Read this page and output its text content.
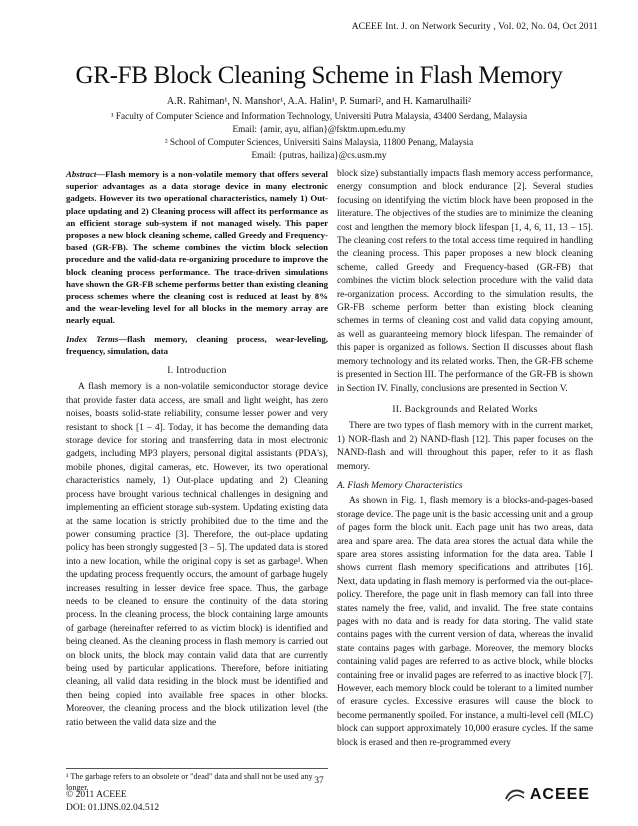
ACEEE Int. J. on Network Security , Vol. 02, No. 04, Oct 2011
GR-FB Block Cleaning Scheme in Flash Memory
A.R. Rahiman¹, N. Manshor¹, A.A. Halin¹, P. Sumari², and H. Kamarulhaili²
¹ Faculty of Computer Science and Information Technology, Universiti Putra Malaysia, 43400 Serdang, Malaysia
Email: {amir, ayu, alfian}@fsktm.upm.edu.my
² School of Computer Sciences, Universiti Sains Malaysia, 11800 Penang, Malaysia
Email: {putras, hailiza}@cs.usm.my
Abstract—Flash memory is a non-volatile memory that offers several superior advantages as a data storage device in many electronic gadgets. However its two operational characteristics, namely 1) Out-place updating and 2) Cleaning process will affect its performance as an efficient storage sub-system if not managed wisely. This paper proposes a new block cleaning scheme, called Greedy and Frequency-based (GR-FB). The scheme combines the victim block selection procedure and the valid-data re-organizing procedure to improve the block cleaning process performance. The trace-driven simulations have shown the GR-FB scheme performs better than existing cleaning process schemes where the cleaning cost is reduced at least by 8% and the wear-leveling level for all blocks in the memory array are nearly equal.
Index Terms—flash memory, cleaning process, wear-leveling, frequency, simulation, data
I. Introduction

A flash memory is a non-volatile semiconductor storage device that provide faster data access, are small and light weight, has zero noises, boasts solid-state reliability, consume lesser power and very resistant to shock [1 – 4]. Today, it has become the demanding data storage device for storing and transferring data in most electronic gadgets, including MP3 players, personal digital assistants (PDA's), mobile phones, digital cameras, etc. However, its two operational characteristics namely, 1) Out-place updating and 2) Cleaning process have brought various technical challenges in designing and implementing an efficient storage sub-system. Updating existing data at the same location is strictly prohibited due to the time and the power consuming practice [3]. Therefore, the out-place updating policy has been strongly suggested [3 – 5]. The updated data is stored into a new location, while the original copy is set as garbage¹. When the updating process frequently occurs, the amount of garbage hugely increases resulting in lesser device free space. Thus, the garbage needs to be cleaned to ensure the continuity of the data storing process. In the cleaning process, the block containing large amounts of garbage (hereinafter referred to as victim block) is identified and being cleaned. As the cleaning process in flash memory is carried out on block units, the block may contain valid data that are currently being used by particular applications. Therefore, before initiating cleaning, all valid data residing in the block must be identified and then being copied into available free spaces in other blocks. Moreover, the cleaning process and the block utilization level (the ratio between the valid data size and the

block size) substantially impacts flash memory access performance, energy consumption and block endurance [2]. Several studies focusing on identifying the victim block have been proposed in the literature. The objectives of the studies are to minimize the cleaning cost and lengthen the memory block lifespan [1, 4, 6, 11, 13 – 15]. The cleaning cost refers to the total access time required in handling the cleaning process. This paper proposes a new block cleaning scheme, called Greedy and Frequency-based (GR-FB) that combines the victim block selection procedure with the valid data re-organization process. According to the simulation results, the GR-FB scheme perform better than existing block cleaning schemes in terms of cleaning cost and valid data copying amount, as well as guaranteeing memory block lifespan. The remainder of this paper is organized as follows. Section II discusses about flash memory technology and its related works. Then, the GR-FB scheme is presented in Section III. The performance of the GR-FB is shown in Section IV. Finally, conclusions are presented in Section V.

II. Backgrounds and Related Works

There are two types of flash memory with in the current market, 1) NOR-flash and 2) NAND-flash [12]. This paper focuses on the NAND-flash and will throughout this paper, refer to it as flash memory.

A. Flash Memory Characteristics

As shown in Fig. 1, flash memory is a blocks-and-pages-based storage device. The page unit is the basic accessing unit and a group of pages form the block unit. Each page unit has two areas, data area and spare area. The data area stores the actual data while the spare area stores assisting information for the data area. Table I shows current flash memory specifications and attributes [16]. Next, data updating in flash memory is performed via the out-place-policy. Therefore, the page unit in flash memory can fall into three states namely the free, valid, and invalid. The free state contains pages with no data and is ready for data storing. The valid state contains pages with the current version of data, whereas the invalid state contains pages with garbage. Moreover, the memory blocks containing valid pages are referred to as active block, while blocks containing free or invalid pages are referred to as inactive block [7]. However, each memory block could be tolerant to a limited number of erasure cycles. Excessive erasures will cause the block to become permanently spoiled. For instance, a multi-level cell (MLC) block can support approximately 10,000 erasure cycles. If the same block is erased and then re-programmed every

¹ The garbage refers to an obsolete or "dead" data and shall not be used any longer.
37
© 2011 ACEEE
DOI: 01.IJNS.02.04.512
ACEEE
